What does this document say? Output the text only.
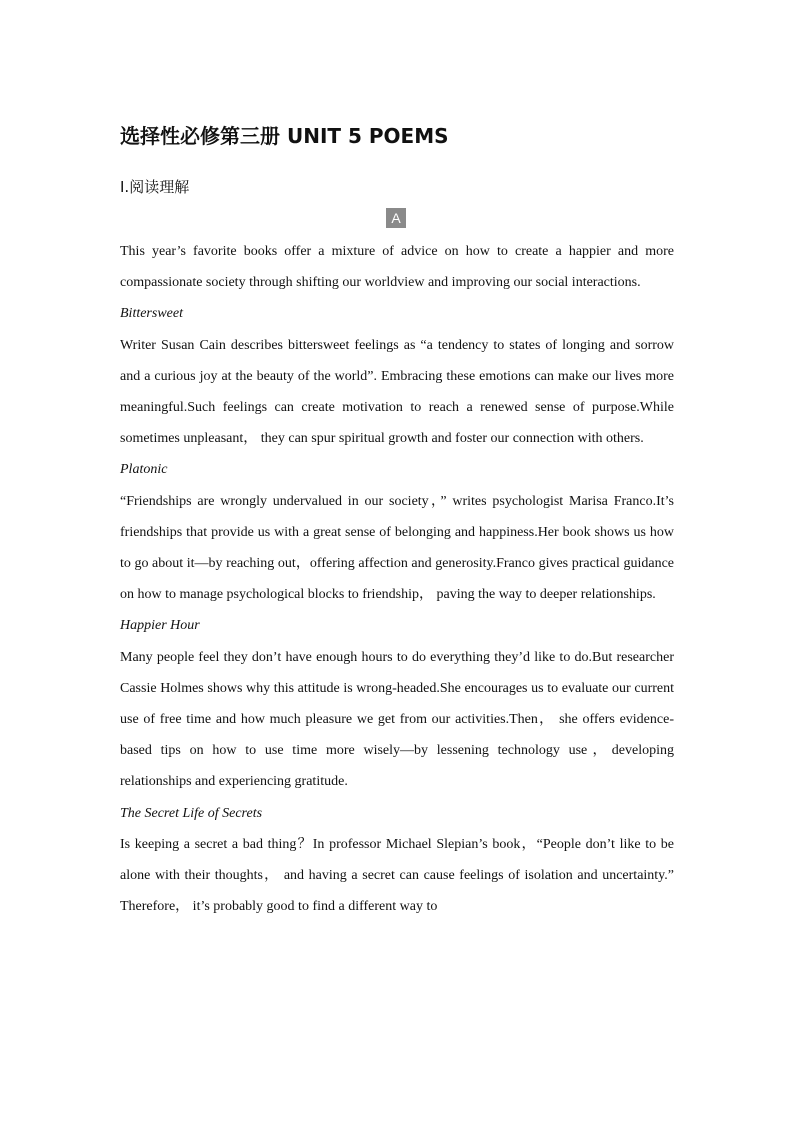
选择性必修第三册 UNIT 5 POEMS
Ⅰ.阅读理解
A

This year’s favorite books offer a mixture of advice on how to create a happier and more compassionate society through shifting our worldview and improving our social interactions.

Bittersweet

Writer Susan Cain describes bittersweet feelings as “a tendency to states of longing and sorrow and a curious joy at the beauty of the world”. Embracing these emotions can make our lives more meaningful.Such feelings can create motivation to reach a renewed sense of purpose.While sometimes unpleasant， they can spur spiritual growth and foster our connection with others.

Platonic

“Friendships are wrongly undervalued in our society，” writes psychologist Marisa Franco.It’s friendships that provide us with a great sense of belonging and happiness.Her book shows us how to go about it—by reaching out，offering affection and generosity.Franco gives practical guidance on how to manage psychological blocks to friendship， paving the way to deeper relationships.

Happier Hour

Many people feel they don’t have enough hours to do everything they’d like to do.But researcher Cassie Holmes shows why this attitude is wrong-headed.She encourages us to evaluate our current use of free time and how much pleasure we get from our activities.Then， she offers evidence-based tips on how to use time more wisely—by lessening technology use，developing relationships and experiencing gratitude.

The Secret Life of Secrets

Is keeping a secret a bad thing？In professor Michael Slepian’s book，“People don’t like to be alone with their thoughts， and having a secret can cause feelings of isolation and uncertainty.” Therefore， it’s probably good to find a different way to
